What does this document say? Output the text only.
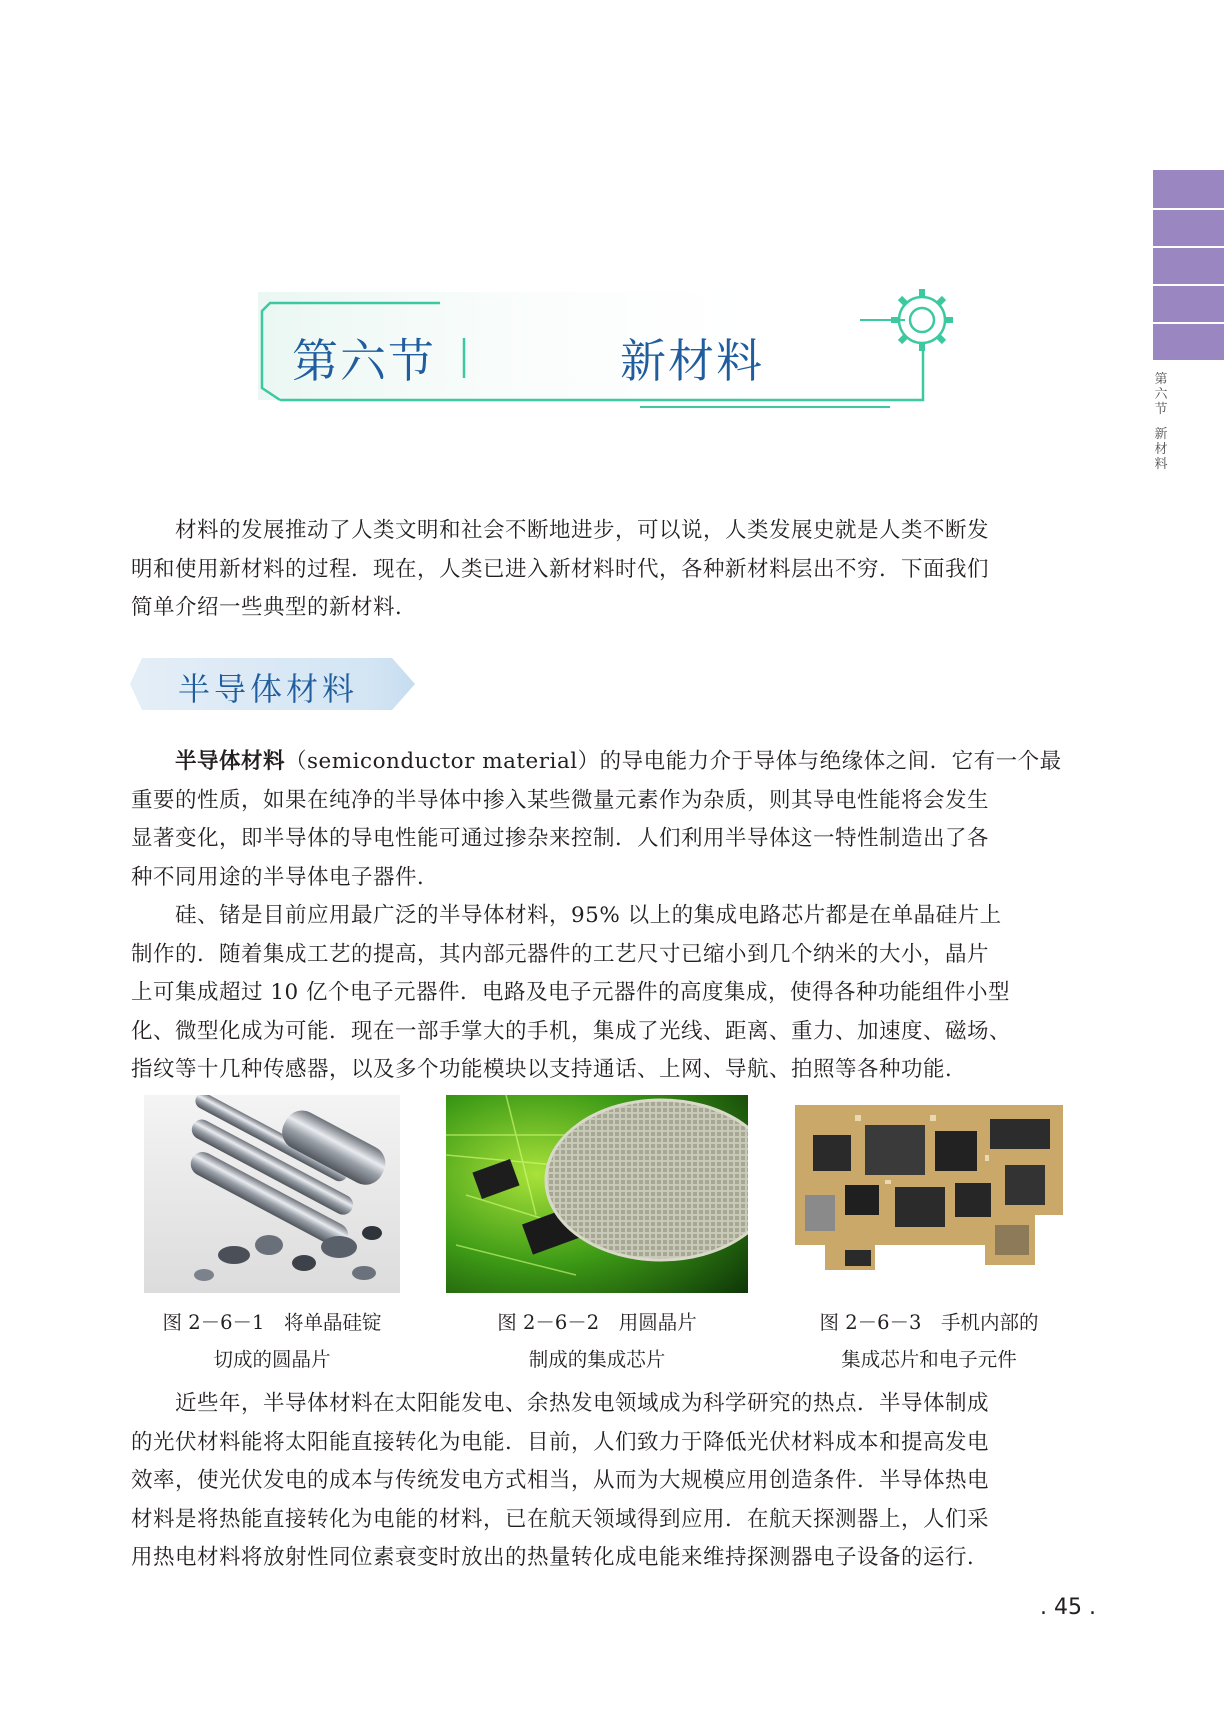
第六节
新材料
第六节	新材料

材料的发展推动了人类文明和社会不断地进步，可以说，人类发展史就是人类不断发
明和使用新材料的过程．现在，人类已进入新材料时代，各种新材料层出不穷．下面我们
简单介绍一些典型的新材料．

半导体材料

半导体材料（semiconductor material）的导电能力介于导体与绝缘体之间．它有一个最
重要的性质，如果在纯净的半导体中掺入某些微量元素作为杂质，则其导电性能将会发生
显著变化，即半导体的导电性能可通过掺杂来控制．人们利用半导体这一特性制造出了各
种不同用途的半导体电子器件．

硅、锗是目前应用最广泛的半导体材料，95% 以上的集成电路芯片都是在单晶硅片上
制作的．随着集成工艺的提高，其内部元器件的工艺尺寸已缩小到几个纳米的大小，晶片
上可集成超过 10 亿个电子元器件．电路及电子元器件的高度集成，使得各种功能组件小型
化、微型化成为可能．现在一部手掌大的手机，集成了光线、距离、重力、加速度、磁场、
指纹等十几种传感器，以及多个功能模块以支持通话、上网、导航、拍照等各种功能．

图 2－6－1　将单晶硅锭
切成的圆晶片
图 2－6－2　用圆晶片
制成的集成芯片
图 2－6－3　手机内部的
集成芯片和电子元件

近些年，半导体材料在太阳能发电、余热发电领域成为科学研究的热点．半导体制成
的光伏材料能将太阳能直接转化为电能．目前，人们致力于降低光伏材料成本和提高发电
效率，使光伏发电的成本与传统发电方式相当，从而为大规模应用创造条件．半导体热电
材料是将热能直接转化为电能的材料，已在航天领域得到应用．在航天探测器上，人们采
用热电材料将放射性同位素衰变时放出的热量转化成电能来维持探测器电子设备的运行．

. 45 .
